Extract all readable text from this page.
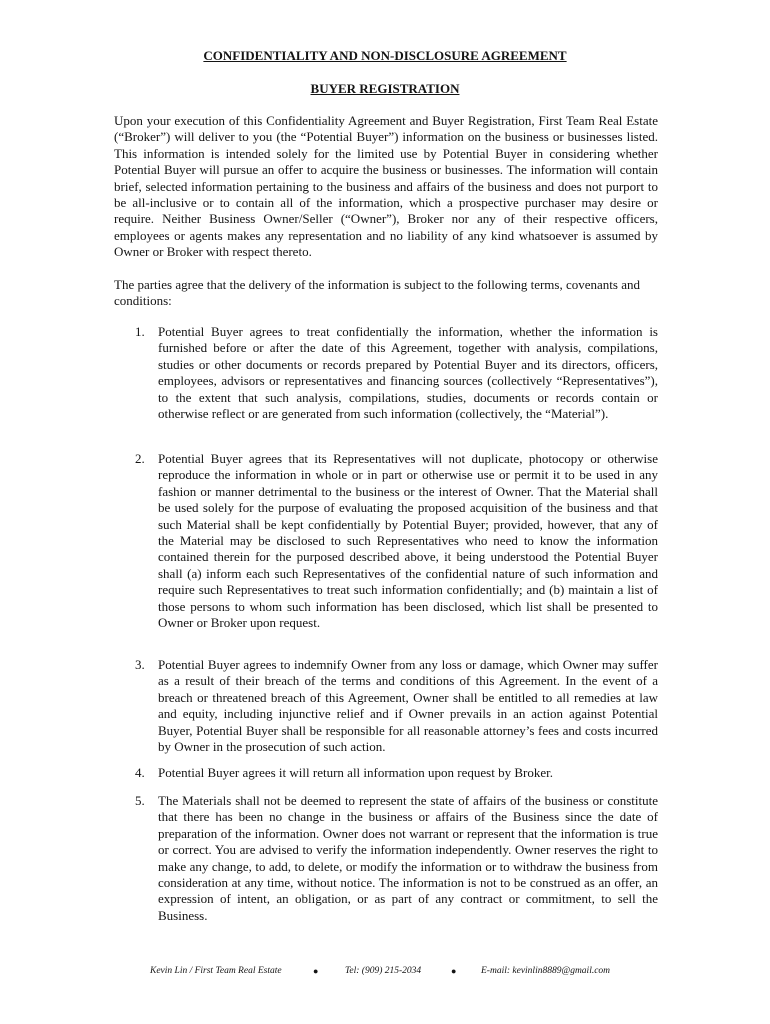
CONFIDENTIALITY AND NON-DISCLOSURE AGREEMENT
BUYER REGISTRATION

Upon your execution of this Confidentiality Agreement and Buyer Registration, First Team Real Estate (“Broker”) will deliver to you (the “Potential Buyer”) information on the business or businesses listed. This information is intended solely for the limited use by Potential Buyer in considering whether Potential Buyer will pursue an offer to acquire the business or businesses. The information will contain brief, selected information pertaining to the business and affairs of the business and does not purport to be all-inclusive or to contain all of the information, which a prospective purchaser may desire or require. Neither Business Owner/Seller (“Owner”), Broker nor any of their respective officers, employees or agents makes any representation and no liability of any kind whatsoever is assumed by Owner or Broker with respect thereto.

The parties agree that the delivery of the information is subject to the following terms, covenants and conditions:

1. Potential Buyer agrees to treat confidentially the information, whether the information is furnished before or after the date of this Agreement, together with analysis, compilations, studies or other documents or records prepared by Potential Buyer and its directors, officers, employees, advisors or representatives and financing sources (collectively “Representatives”), to the extent that such analysis, compilations, studies, documents or records contain or otherwise reflect or are generated from such information (collectively, the “Material”).

2. Potential Buyer agrees that its Representatives will not duplicate, photocopy or otherwise reproduce the information in whole or in part or otherwise use or permit it to be used in any fashion or manner detrimental to the business or the interest of Owner. That the Material shall be used solely for the purpose of evaluating the proposed acquisition of the business and that such Material shall be kept confidentially by Potential Buyer; provided, however, that any of the Material may be disclosed to such Representatives who need to know the information contained therein for the purposed described above, it being understood the Potential Buyer shall (a) inform each such Representatives of the confidential nature of such information and require such Representatives to treat such information confidentially; and (b) maintain a list of those persons to whom such information has been disclosed, which list shall be presented to Owner or Broker upon request.

3. Potential Buyer agrees to indemnify Owner from any loss or damage, which Owner may suffer as a result of their breach of the terms and conditions of this Agreement. In the event of a breach or threatened breach of this Agreement, Owner shall be entitled to all remedies at law and equity, including injunctive relief and if Owner prevails in an action against Potential Buyer, Potential Buyer shall be responsible for all reasonable attorney’s fees and costs incurred by Owner in the prosecution of such action.

4. Potential Buyer agrees it will return all information upon request by Broker.

5. The Materials shall not be deemed to represent the state of affairs of the business or constitute that there has been no change in the business or affairs of the Business since the date of preparation of the information. Owner does not warrant or represent that the information is true or correct. You are advised to verify the information independently. Owner reserves the right to make any change, to add, to delete, or modify the information or to withdraw the business from consideration at any time, without notice. The information is not to be construed as an offer, an expression of intent, an obligation, or as part of any contract or commitment, to sell the Business.

Kevin Lin / First Team Real Estate	●	Tel: (909) 215-2034	●	E-mail: kevinlin8889@gmail.com
